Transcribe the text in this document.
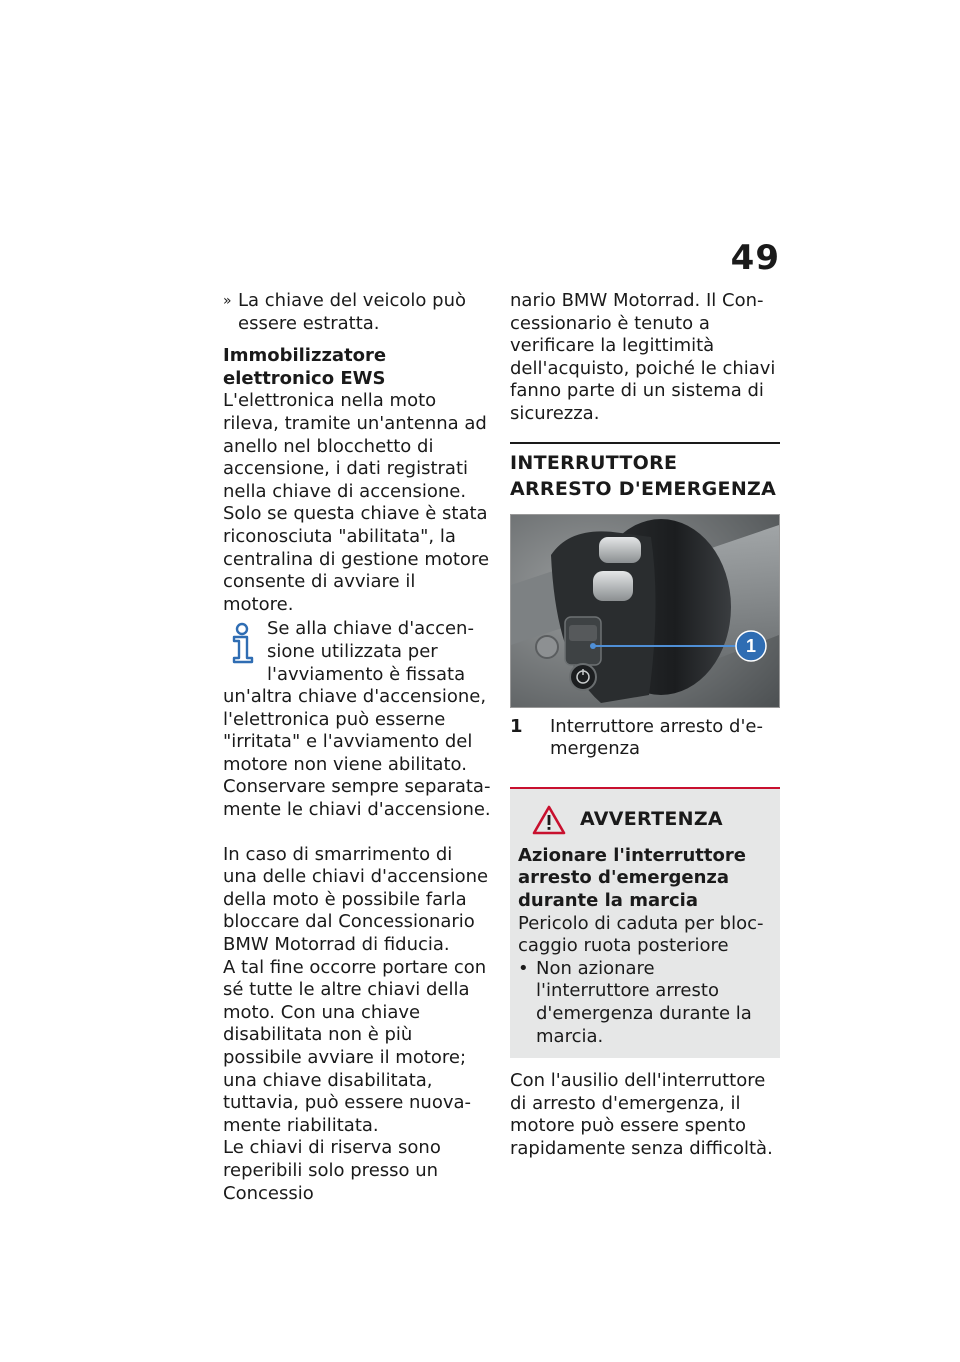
49
» La chiave del veicolo può essere estratta.

Immobilizzatore elettronico EWS

L'elettronica nella moto rileva, tramite un'antenna ad anello nel blocchetto di accensione, i dati registrati nella chiave di accensione. Solo se questa chiave è stata riconosciuta "abilitata", la centralina di gestione motore consente di avviare il motore.

Se alla chiave d'accensione utilizzata per l'avviamento è fissata un'altra chiave d'accensione, l'elettronica può esserne "irritata" e l'avviamento del motore non viene abilitato.

Conservare sempre separatamente le chiavi d'accensione.

In caso di smarrimento di una delle chiavi d'accensione della moto è possibile farla bloccare dal Concessionario BMW Motorrad di fiducia.

A tal fine occorre portare con sé tutte le altre chiavi della moto. Con una chiave disabilitata non è più possibile avviare il motore; una chiave disabilitata, tuttavia, può essere nuovamente riabilitata.

Le chiavi di riserva sono reperibili solo presso un Concessio

nario BMW Motorrad. Il Concessionario è tenuto a verificare la legittimità dell'acquisto, poiché le chiavi fanno parte di un sistema di sicurezza.

INTERRUTTORE ARRESTO D'EMERGENZA

1
1	Interruttore arresto d'emergenza
AVVERTENZA

Azionare l'interruttore arresto d'emergenza durante la marcia

Pericolo di caduta per bloccaggio ruota posteriore

• Non azionare l'interruttore arresto d'emergenza durante la marcia.

Con l'ausilio dell'interruttore di arresto d'emergenza, il motore può essere spento rapidamente senza difficoltà.
